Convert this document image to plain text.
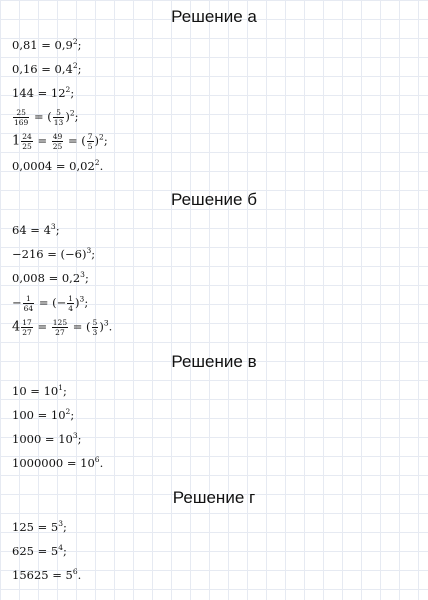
Решение а
$0,81 = 0,9^2$;
$0,16 = 0,4^2$;
$144 = 12^2$;
$\frac{25}{169}$ = ( $\frac{5}{13} )^2$;
$1 \frac{24}{25} = \frac{49}{25}$ = ( $\frac{7}{5} )^2$;
$0,0004 = 0,02^2$.
Решение б
$64 = 4^3$;
$-216 = (-6)^3$;
$0,008 = 0,2^3$;
− $\frac{1}{64}$ = (− $\frac{1}{4} )^3$;
$4 \frac{17}{27} = \frac{125}{27}$ = ( $\frac{5}{3} )^3$.
Решение в
$10 = 10^1$;
$100 = 10^2$;
$1000 = 10^3$;
$1000000 = 10^6$.
Решение г
$125 = 5^3$;
$625 = 5^4$;
$15625 = 5^6$.
